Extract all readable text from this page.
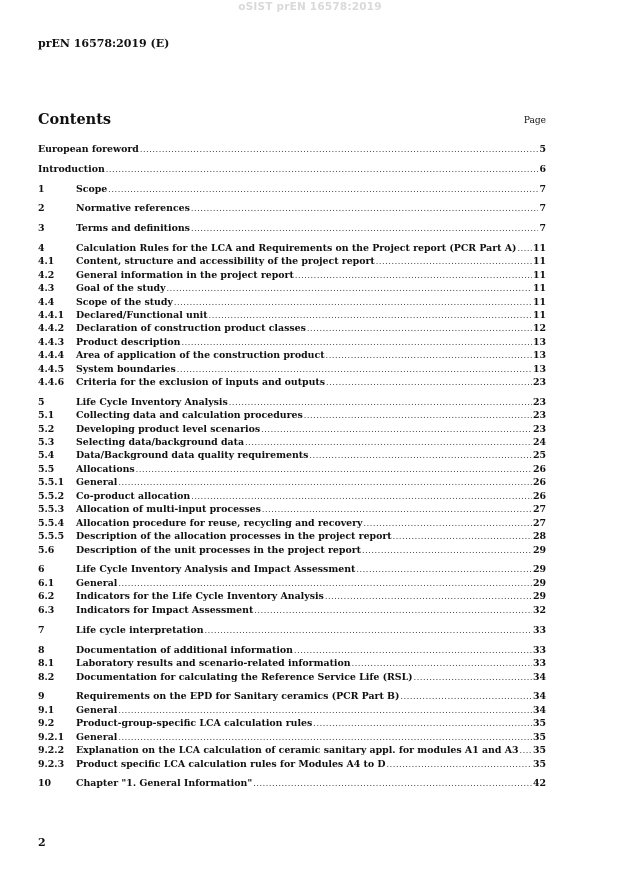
oSIST prEN 16578:2019
prEN 16578:2019 (E)
Contents	Page
European foreword .....	5
Introduction .....	6
1	Scope .....	7
2	Normative references .....	7
3	Terms and definitions .....	7
4	Calculation Rules for the LCA and Requirements on the Project report (PCR Part A) ..... 11
4.1	Content, structure and accessibility of the project report .....	11
4.2	General information in the project report .....	11
4.3	Goal of the study .....	11
4.4	Scope of the study .....	11
4.4.1	Declared/Functional unit .....	11
4.4.2	Declaration of construction product classes .....	12
4.4.3	Product description .....	13
4.4.4	Area of application of the construction product .....	13
4.4.5	System boundaries .....	13
4.4.6	Criteria for the exclusion of inputs and outputs .....	23
5	Life Cycle Inventory Analysis .....	23
5.1	Collecting data and calculation procedures .....	23
5.2	Developing product level scenarios .....	23
5.3	Selecting data/background data .....	24
5.4	Data/Background data quality requirements .....	25
5.5	Allocations .....	26
5.5.1	General .....	26
5.5.2	Co-product allocation .....	26
5.5.3	Allocation of multi-input processes .....	27
5.5.4	Allocation procedure for reuse, recycling and recovery .....	27
5.5.5	Description of the allocation processes in the project report .....	28
5.6	Description of the unit processes in the project report .....	29
6	Life Cycle Inventory Analysis and Impact Assessment .....	29
6.1	General .....	29
6.2	Indicators for the Life Cycle Inventory Analysis .....	29
6.3	Indicators for Impact Assessment .....	32
7	Life cycle interpretation .....	33
8	Documentation of additional information .....	33
8.1	Laboratory results and scenario-related information .....	33
8.2	Documentation for calculating the Reference Service Life (RSL) .....	34
9	Requirements on the EPD for Sanitary ceramics (PCR Part B) .....	34
9.1	General .....	34
9.2	Product-group-specific LCA calculation rules .....	35
9.2.1	General .....	35
9.2.2	Explanation on the LCA calculation of ceramic sanitary appl. for modules A1 and A3 ..... 35
9.2.3	Product specific LCA calculation rules for Modules A4 to D .....	35
10	Chapter "1. General Information" .....	42
2
